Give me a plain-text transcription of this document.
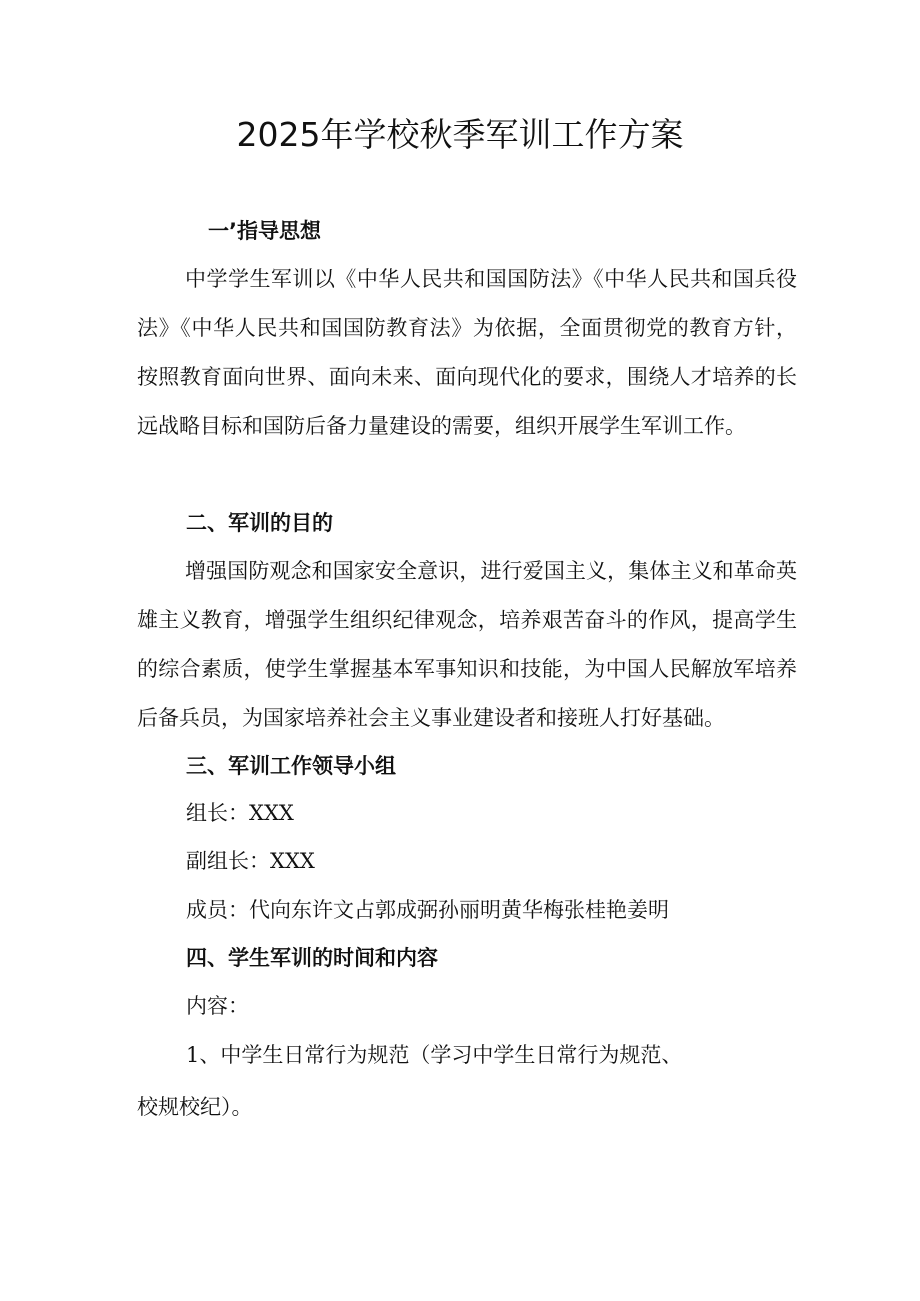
2025年学校秋季军训工作方案
一’指导思想

中学学生军训以《中华人民共和国国防法》《中华人民共和国兵役法》《中华人民共和国国防教育法》为依据，全面贯彻党的教育方针，按照教育面向世界、面向未来、面向现代化的要求，围绕人才培养的长远战略目标和国防后备力量建设的需要，组织开展学生军训工作。

二、军训的目的

增强国防观念和国家安全意识，进行爱国主义，集体主义和革命英雄主义教育，增强学生组织纪律观念，培养艰苦奋斗的作风，提高学生的综合素质，使学生掌握基本军事知识和技能，为中国人民解放军培养后备兵员，为国家培养社会主义事业建设者和接班人打好基础。

三、军训工作领导小组
组长：XXX
副组长：XXX
成员：代向东许文占郭成弼孙丽明黄华梅张桂艳姜明
四、学生军训的时间和内容
内容：
1、中学生日常行为规范（学习中学生日常行为规范、
校规校纪）。
